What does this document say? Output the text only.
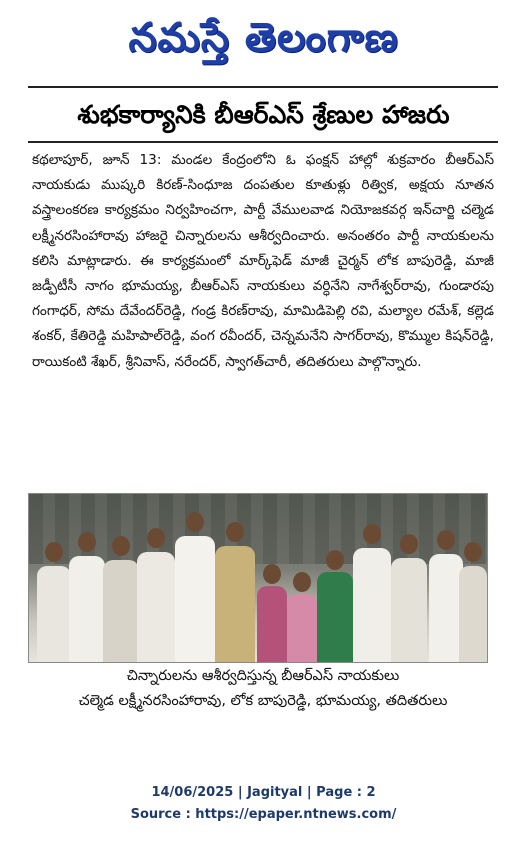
నమస్తే తెలంగాణ
శుభకార్యానికి బీఆర్ఎస్ శ్రేణుల హాజరు
కథలాపూర్, జూన్ 13: మండల కేంద్రంలోని ఓ ఫంక్షన్ హాల్లో శుక్రవారం బీఆర్ఎస్ నాయకుడు ముష్కరి కిరణ్-సింధూజ దంపతుల కూతుళ్లు రిత్విక, అక్షయ నూతన వస్త్రాలంకరణ కార్యక్రమం నిర్వహించగా, పార్టీ వేములవాడ నియోజకవర్గ ఇన్‌చార్జి చల్మెడ లక్ష్మీనరసింహారావు హాజరై చిన్నారులను ఆశీర్వదించారు. అనంతరం పార్టీ నాయకులను కలిసి మాట్లాడారు. ఈ కార్యక్రమంలో మార్క్‌ఫెడ్ మాజీ చైర్మన్ లోక బాపురెడ్డి, మాజీ జడ్పీటీసీ నాగం భూమయ్య, బీఆర్ఎస్ నాయకులు వర్ధినేని నాగేశ్వర్‌రావు, గుండారపు గంగాధర్, సోమ దేవేందర్‌రెడ్డి, గండ్ర కిరణ్‌రావు, మామిడిపెల్లి రవి, మల్యాల రమేశ్, కల్లెడ శంకర్, కేతిరెడ్డి మహిపాల్‌రెడ్డి, వంగ రవీందర్, చెన్నమనేని సాగర్‌రావు, కొమ్ముల కిషన్‌రెడ్డి, రాయికంటి శేఖర్, శ్రీనివాస్, నరేందర్, స్వాగత్‌చారీ, తదితరులు పాల్గొన్నారు.
చిన్నారులను ఆశీర్వదిస్తున్న బీఆర్ఎస్ నాయకులు
చల్మెడ లక్ష్మీనరసింహారావు, లోక బాపురెడ్డి, భూమయ్య, తదితరులు
14/06/2025 | Jagityal | Page : 2
Source : https://epaper.ntnews.com/
